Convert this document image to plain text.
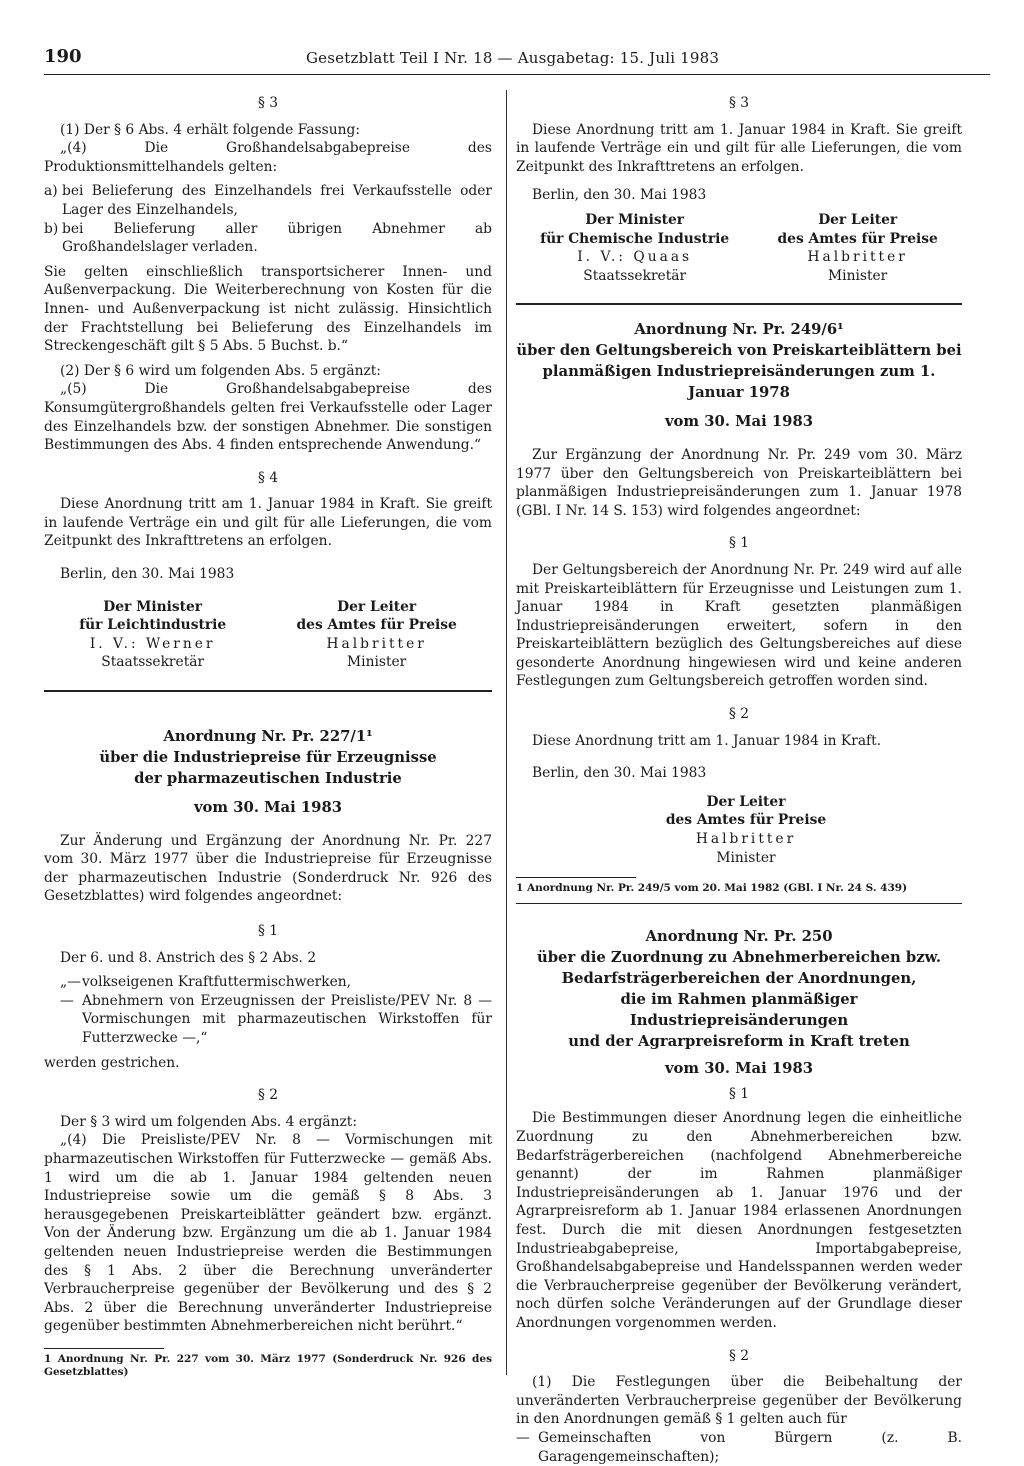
190	Gesetzblatt Teil I Nr. 18 — Ausgabetag: 15. Juli 1983
§ 3

(1) Der § 6 Abs. 4 erhält folgende Fassung:

„(4) Die Großhandelsabgabepreise des Produktionsmittelhandels gelten:

a) bei Belieferung des Einzelhandels frei Verkaufsstelle oder Lager des Einzelhandels,
b) bei Belieferung aller übrigen Abnehmer ab Großhandelslager verladen.

Sie gelten einschließlich transportsicherer Innen- und Außenverpackung. Die Weiterberechnung von Kosten für die Innen- und Außenverpackung ist nicht zulässig. Hinsichtlich der Frachtstellung bei Belieferung des Einzelhandels im Streckengeschäft gilt § 5 Abs. 5 Buchst. b.“

(2) Der § 6 wird um folgenden Abs. 5 ergänzt:

„(5) Die Großhandelsabgabepreise des Konsumgütergroßhandels gelten frei Verkaufsstelle oder Lager des Einzelhandels bzw. der sonstigen Abnehmer. Die sonstigen Bestimmungen des Abs. 4 finden entsprechende Anwendung.“

§ 4

Diese Anordnung tritt am 1. Januar 1984 in Kraft. Sie greift in laufende Verträge ein und gilt für alle Lieferungen, die vom Zeitpunkt des Inkrafttretens an erfolgen.

Berlin, den 30. Mai 1983

Der Minister
für Leichtindustrie
I. V.: Werner
Staatssekretär
Der Leiter
des Amtes für Preise
Halbritter
Minister
Anordnung Nr. Pr. 227/1¹
über die Industriepreise für Erzeugnisse
der pharmazeutischen Industrie
vom 30. Mai 1983

Zur Änderung und Ergänzung der Anordnung Nr. Pr. 227 vom 30. März 1977 über die Industriepreise für Erzeugnisse der pharmazeutischen Industrie (Sonderdruck Nr. 926 des Gesetzblattes) wird folgendes angeordnet:

§ 1

Der 6. und 8. Anstrich des § 2 Abs. 2

„— volkseigenen Kraftfuttermischwerken,
— Abnehmern von Erzeugnissen der Preisliste/PEV Nr. 8 — Vormischungen mit pharmazeutischen Wirkstoffen für Futterzwecke —,“

werden gestrichen.

§ 2

Der § 3 wird um folgenden Abs. 4 ergänzt:

„(4) Die Preisliste/PEV Nr. 8 — Vormischungen mit pharmazeutischen Wirkstoffen für Futterzwecke — gemäß Abs. 1 wird um die ab 1. Januar 1984 geltenden neuen Industriepreise sowie um die gemäß § 8 Abs. 3 herausgegebenen Preiskarteiblätter geändert bzw. ergänzt. Von der Änderung bzw. Ergänzung um die ab 1. Januar 1984 geltenden neuen Industriepreise werden die Bestimmungen des § 1 Abs. 2 über die Berechnung unveränderter Verbraucherpreise gegenüber der Bevölkerung und des § 2 Abs. 2 über die Berechnung unveränderter Industriepreise gegenüber bestimmten Abnehmerbereichen nicht berührt.“

1 Anordnung Nr. Pr. 227 vom 30. März 1977 (Sonderdruck Nr. 926 des Gesetzblattes)

§ 3

Diese Anordnung tritt am 1. Januar 1984 in Kraft. Sie greift in laufende Verträge ein und gilt für alle Lieferungen, die vom Zeitpunkt des Inkrafttretens an erfolgen.

Berlin, den 30. Mai 1983

Der Minister
für Chemische Industrie
I. V.: Quaas
Staatssekretär
Der Leiter
des Amtes für Preise
Halbritter
Minister
Anordnung Nr. Pr. 249/6¹
über den Geltungsbereich von Preiskarteiblättern bei
planmäßigen Industriepreisänderungen zum 1. Januar 1978
vom 30. Mai 1983

Zur Ergänzung der Anordnung Nr. Pr. 249 vom 30. März 1977 über den Geltungsbereich von Preiskarteiblättern bei planmäßigen Industriepreisänderungen zum 1. Januar 1978 (GBl. I Nr. 14 S. 153) wird folgendes angeordnet:

§ 1

Der Geltungsbereich der Anordnung Nr. Pr. 249 wird auf alle mit Preiskarteiblättern für Erzeugnisse und Leistungen zum 1. Januar 1984 in Kraft gesetzten planmäßigen Industriepreisänderungen erweitert, sofern in den Preiskarteiblättern bezüglich des Geltungsbereiches auf diese gesonderte Anordnung hingewiesen wird und keine anderen Festlegungen zum Geltungsbereich getroffen worden sind.

§ 2

Diese Anordnung tritt am 1. Januar 1984 in Kraft.

Berlin, den 30. Mai 1983

Der Leiter
des Amtes für Preise
Halbritter
Minister

1 Anordnung Nr. Pr. 249/5 vom 20. Mai 1982 (GBl. I Nr. 24 S. 439)

Anordnung Nr. Pr. 250
über die Zuordnung zu Abnehmerbereichen bzw.
Bedarfsträgerbereichen der Anordnungen,
die im Rahmen planmäßiger Industriepreisänderungen
und der Agrarpreisreform in Kraft treten
vom 30. Mai 1983
§ 1

Die Bestimmungen dieser Anordnung legen die einheitliche Zuordnung zu den Abnehmerbereichen bzw. Bedarfsträgerbereichen (nachfolgend Abnehmerbereiche genannt) der im Rahmen planmäßiger Industriepreisänderungen ab 1. Januar 1976 und der Agrarpreisreform ab 1. Januar 1984 erlassenen Anordnungen fest. Durch die mit diesen Anordnungen festgesetzten Industrieabgabepreise, Importabgabepreise, Großhandelsabgabepreise und Handelsspannen werden weder die Verbraucherpreise gegenüber der Bevölkerung verändert, noch dürfen solche Veränderungen auf der Grundlage dieser Anordnungen vorgenommen werden.

§ 2

(1) Die Festlegungen über die Beibehaltung der unveränderten Verbraucherpreise gegenüber der Bevölkerung in den Anordnungen gemäß § 1 gelten auch für

— Gemeinschaften von Bürgern (z. B. Garagengemeinschaften);
